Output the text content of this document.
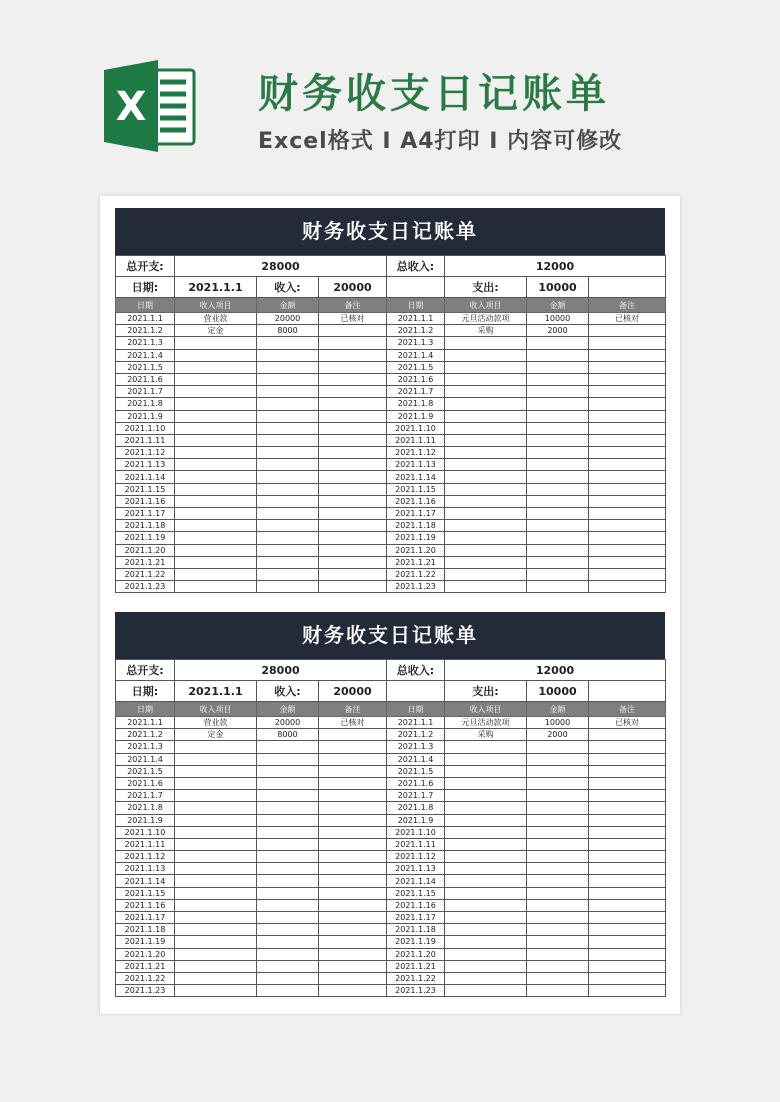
X	财务收支日记账单
Excel格式 I A4打印 I 内容可修改
财务收支日记账单
总开支:	28000			总收入:	12000		
日期:	2021.1.1	收入:	20000		支出:	10000	
日期	收入项目	金额	备注	日期	收入项目	金额	备注
2021.1.1	营业款	20000	已核对	2021.1.1	元旦活动款项	10000	已核对
2021.1.2	定金	8000		2021.1.2	采购	2000	
2021.1.3				2021.1.3			
2021.1.4				2021.1.4			
2021.1.5				2021.1.5			
2021.1.6				2021.1.6			
2021.1.7				2021.1.7			
2021.1.8				2021.1.8			
2021.1.9				2021.1.9			
2021.1.10				2021.1.10			
2021.1.11				2021.1.11			
2021.1.12				2021.1.12			
2021.1.13				2021.1.13			
2021.1.14				2021.1.14			
2021.1.15				2021.1.15			
2021.1.16				2021.1.16			
2021.1.17				2021.1.17			
2021.1.18				2021.1.18			
2021.1.19				2021.1.19			
2021.1.20				2021.1.20			
2021.1.21				2021.1.21			
2021.1.22				2021.1.22			
2021.1.23				2021.1.23			
财务收支日记账单
总开支:	28000			总收入:	12000		
日期:	2021.1.1	收入:	20000		支出:	10000	
日期	收入项目	金额	备注	日期	收入项目	金额	备注
2021.1.1	营业款	20000	已核对	2021.1.1	元旦活动款项	10000	已核对
2021.1.2	定金	8000		2021.1.2	采购	2000	
2021.1.3				2021.1.3			
2021.1.4				2021.1.4			
2021.1.5				2021.1.5			
2021.1.6				2021.1.6			
2021.1.7				2021.1.7			
2021.1.8				2021.1.8			
2021.1.9				2021.1.9			
2021.1.10				2021.1.10			
2021.1.11				2021.1.11			
2021.1.12				2021.1.12			
2021.1.13				2021.1.13			
2021.1.14				2021.1.14			
2021.1.15				2021.1.15			
2021.1.16				2021.1.16			
2021.1.17				2021.1.17			
2021.1.18				2021.1.18			
2021.1.19				2021.1.19			
2021.1.20				2021.1.20			
2021.1.21				2021.1.21			
2021.1.22				2021.1.22			
2021.1.23				2021.1.23			
